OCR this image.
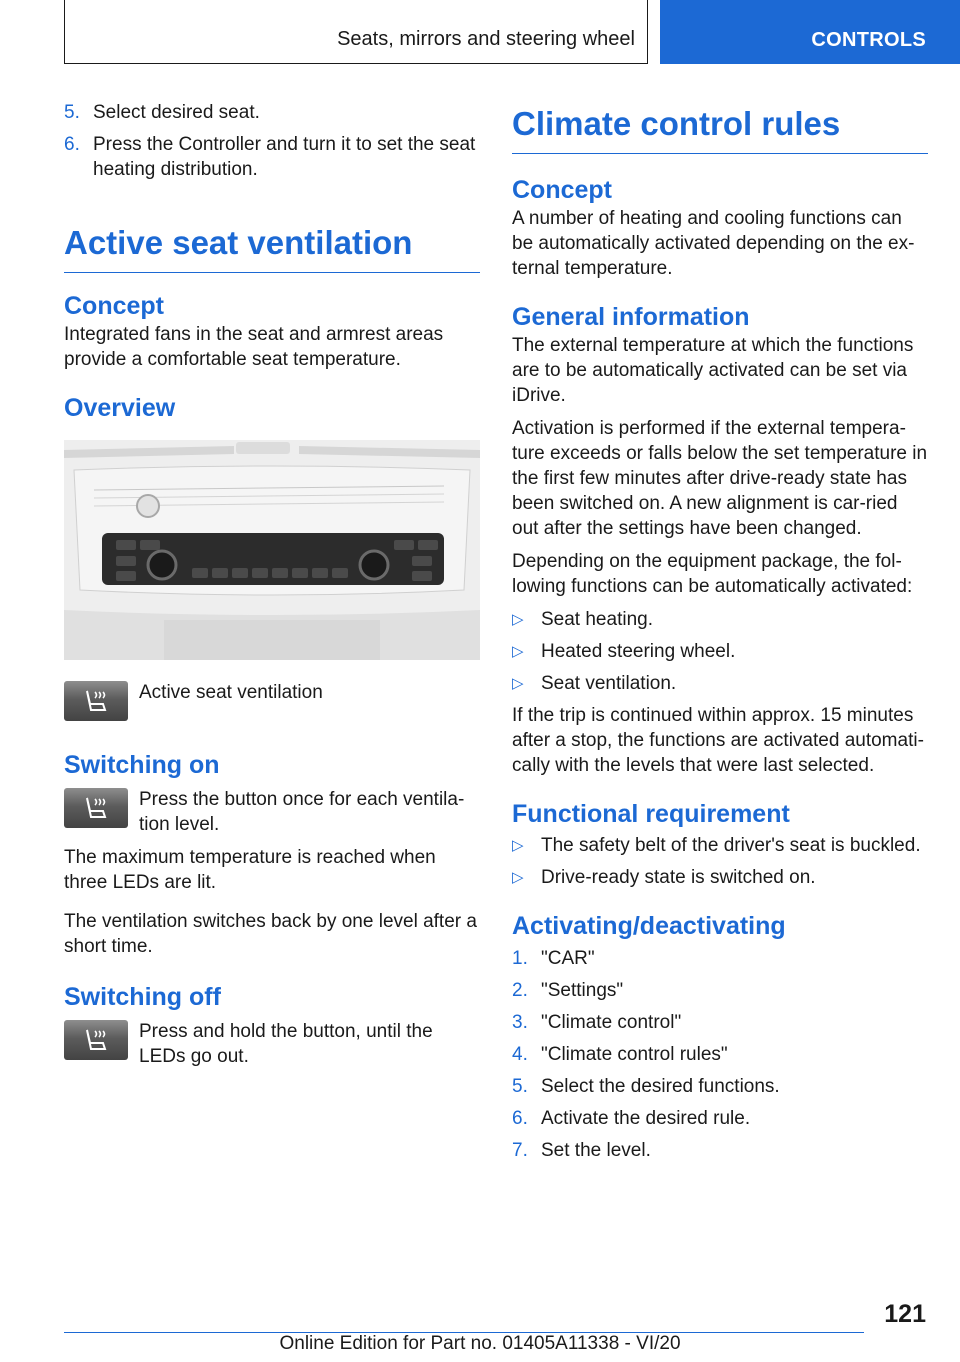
Seats, mirrors and steering wheel	CONTROLS
5. Select desired seat.
6. Press the Controller and turn it to set the seat heating distribution.
Active seat ventilation
Concept

Integrated fans in the seat and armrest areas provide a comfortable seat temperature.

Overview

Active seat ventilation

Switching on

Press the button once for each ventila‐tion level.

The maximum temperature is reached when three LEDs are lit.

The ventilation switches back by one level after a short time.

Switching off

Press and hold the button, until the LEDs go out.

Climate control rules
Concept

A number of heating and cooling functions can be automatically activated depending on the ex‐ternal temperature.

General information

The external temperature at which the functions are to be automatically activated can be set via iDrive.

Activation is performed if the external tempera‐ture exceeds or falls below the set temperature in the first few minutes after drive-ready state has been switched on. A new alignment is car‐ried out after the settings have been changed.

Depending on the equipment package, the fol‐lowing functions can be automatically activated:

▷ Seat heating.
▷ Heated steering wheel.
▷ Seat ventilation.

If the trip is continued within approx. 15 minutes after a stop, the functions are activated automati‐cally with the levels that were last selected.

Functional requirement
▷ The safety belt of the driver's seat is buckled.
▷ Drive-ready state is switched on.
Activating/deactivating
1. "CAR"
2. "Settings"
3. "Climate control"
4. "Climate control rules"
5. Select the desired functions.
6. Activate the desired rule.
7. Set the level.
121
Online Edition for Part no. 01405A11338 - VI/20
